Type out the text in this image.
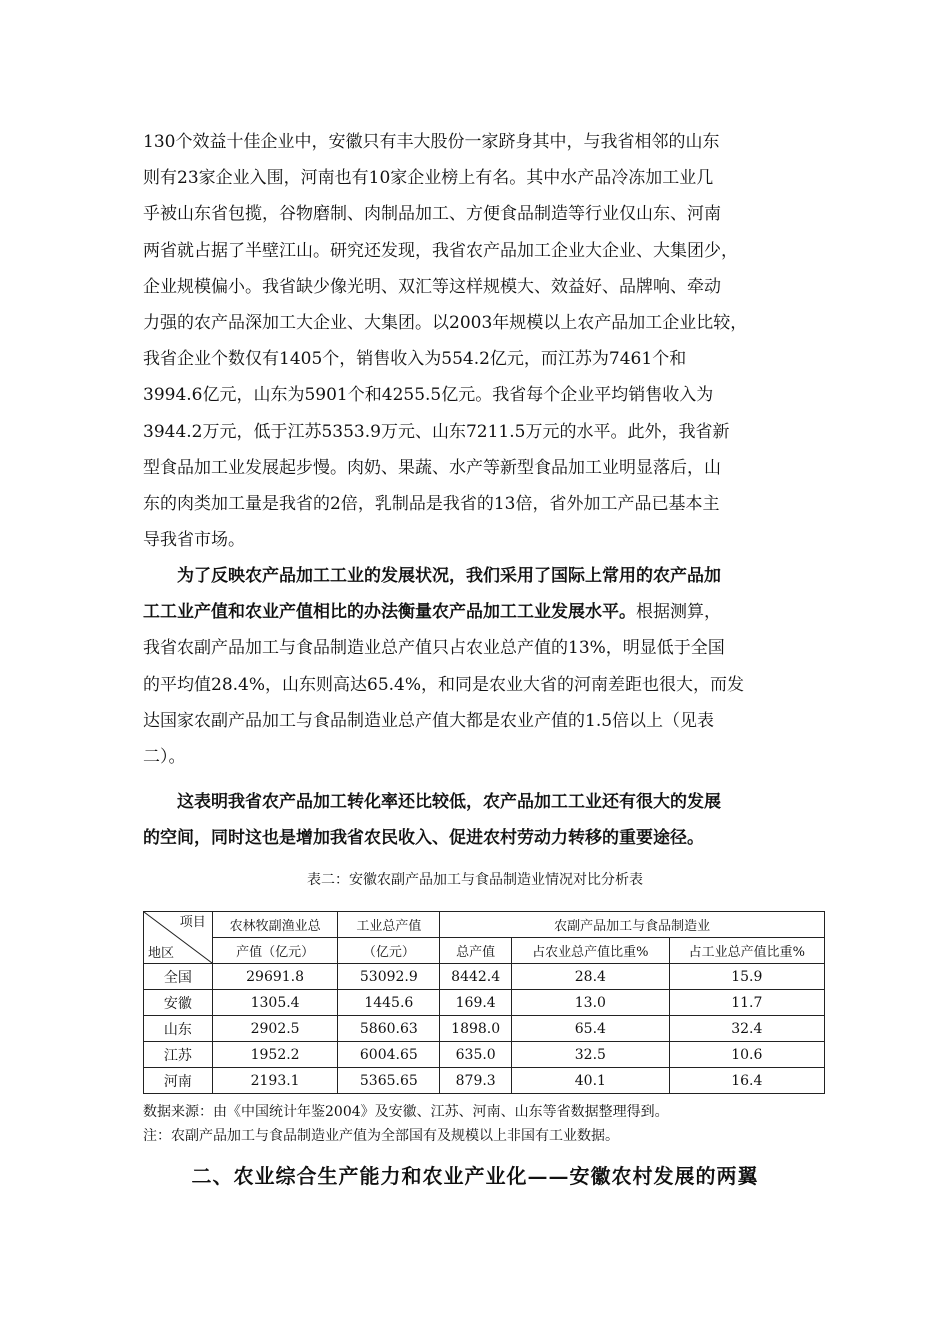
130个效益十佳企业中，安徽只有丰大股份一家跻身其中，与我省相邻的山东
则有23家企业入围，河南也有10家企业榜上有名。其中水产品冷冻加工业几
乎被山东省包揽，谷物磨制、肉制品加工、方便食品制造等行业仅山东、河南
两省就占据了半壁江山。研究还发现，我省农产品加工企业大企业、大集团少，
企业规模偏小。我省缺少像光明、双汇等这样规模大、效益好、品牌响、牵动
力强的农产品深加工大企业、大集团。以2003年规模以上农产品加工企业比较，
我省企业个数仅有1405个，销售收入为554.2亿元，而江苏为7461个和
3994.6亿元，山东为5901个和4255.5亿元。我省每个企业平均销售收入为
3944.2万元，低于江苏5353.9万元、山东7211.5万元的水平。此外，我省新
型食品加工业发展起步慢。肉奶、果蔬、水产等新型食品加工业明显落后，山
东的肉类加工量是我省的2倍，乳制品是我省的13倍，省外加工产品已基本主
导我省市场。
为了反映农产品加工工业的发展状况，我们采用了国际上常用的农产品加
工工业产值和农业产值相比的办法衡量农产品加工工业发展水平。根据测算，
我省农副产品加工与食品制造业总产值只占农业总产值的13%，明显低于全国
的平均值28.4%，山东则高达65.4%，和同是农业大省的河南差距也很大，而发
达国家农副产品加工与食品制造业总产值大都是农业产值的1.5倍以上（见表
二）。
这表明我省农产品加工转化率还比较低，农产品加工工业还有很大的发展
的空间，同时这也是增加我省农民收入、促进农村劳动力转移的重要途径。
表二：安徽农副产品加工与食品制造业情况对比分析表
项目
地区	农林牧副渔业总	工业总产值	农副产品加工与食品制造业		
	产值（亿元）	（亿元）	总产值	占农业总产值比重%	占工业总产值比重%
全国	29691.8	53092.9	8442.4	28.4	15.9
安徽	1305.4	1445.6	169.4	13.0	11.7
山东	2902.5	5860.63	1898.0	65.4	32.4
江苏	1952.2	6004.65	635.0	32.5	10.6
河南	2193.1	5365.65	879.3	40.1	16.4
数据来源：由《中国统计年鉴2004》及安徽、江苏、河南、山东等省数据整理得到。
注：农副产品加工与食品制造业产值为全部国有及规模以上非国有工业数据。
二、农业综合生产能力和农业产业化——安徽农村发展的两翼
